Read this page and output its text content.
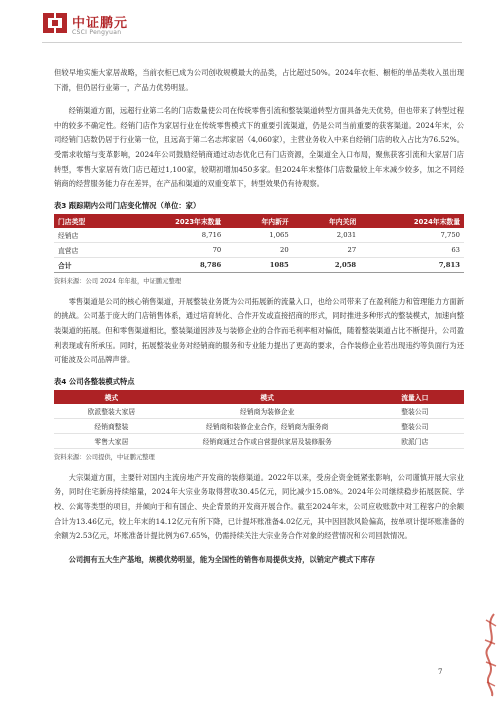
中证鹏元
CSCI Pengyuan

但较早地实施大家居战略，当前衣柜已成为公司创收规模最大的品类，占比超过50%。2024年衣柜、橱柜的单品类收入虽出现下滑，但仍居行业第一，产品力优势明显。

经销渠道方面，远超行业第二名的门店数量使公司在传统零售引流和整装渠道转型方面具备先天优势，但也带来了转型过程中的较多不确定性。经销门店作为家居行业在传统零售模式下的重要引流渠道，仍是公司当前重要的获客渠道。2024年末，公司经销门店数仍居于行业第一位，且远高于第二名志邦家居（4,060家），主营业务收入中来自经销门店的收入占比为76.52%。受需求收缩与变革影响，2024年公司鼓励经销商通过动态优化已有门店资源，全渠道全入口布局，聚焦获客引流和大家居门店转型，零售大家居有效门店已超过1,100家，较期初增加450多家。但2024年末整体门店数量较上年末减少较多，加之不同经销商的经营服务能力存在差异，在产品和渠道的双重变革下，转型效果仍有待观察。

表3 跟踪期内公司门店变化情况（单位：家）
门店类型	2023年末数量	年内新开	年内关闭	2024年末数量
经销店	8,716	1,065	2,031	7,750
直营店	70	20	27	63
合计	8,786	1085	2,058	7,813
资料来源：公司 2024 年年报，中证鹏元整理

零售渠道是公司的核心销售渠道，开展整装业务既为公司拓展新的流量入口，也给公司带来了在盈利能力和管理能力方面新的挑战。公司基于庞大的门店销售体系，通过培育转化、合作开发或直接招商的形式，同时推进多种形式的整装模式，加速向整装渠道的拓展。但和零售渠道相比，整装渠道因涉及与装修企业的合作而毛利率相对偏低，随着整装渠道占比不断提升，公司盈利表现或有所承压。同时，拓展整装业务对经销商的服务和专业能力提出了更高的要求，合作装修企业若出现违约等负面行为还可能波及公司品牌声誉。

表4 公司各整装模式特点
模式	模式	流量入口
欧派整装大家居	经销商为装修企业	整装公司
经销商整装	经销商和装修企业合作，经销商为服务商	整装公司
零售大家居	经销商通过合作或自营提供家居及装修服务	欧派门店
资料来源：公司提供，中证鹏元整理

大宗渠道方面，主要针对国内主流房地产开发商的装修渠道。2022年以来，受房企资金链紧张影响，公司谨慎开展大宗业务，同时住宅新房持续缩量，2024年大宗业务取得营收30.45亿元，同比减少15.08%。2024年公司继续稳步拓展医院、学校、公寓等类型的项目，并倾向于和有国企、央企背景的开发商开展合作。截至2024年末，公司应收账款中对工程客户的余额合计为13.46亿元，较上年末的14.12亿元有所下降，已计提坏账准备4.02亿元，其中因回款风险偏高，按单项计提坏账准备的余额为2.53亿元，坏账准备计提比例为67.65%，仍需持续关注大宗业务合作对象的经营情况和公司回款情况。

公司拥有五大生产基地，规模优势明显，能为全国性的销售布局提供支持，以销定产模式下库存

7
